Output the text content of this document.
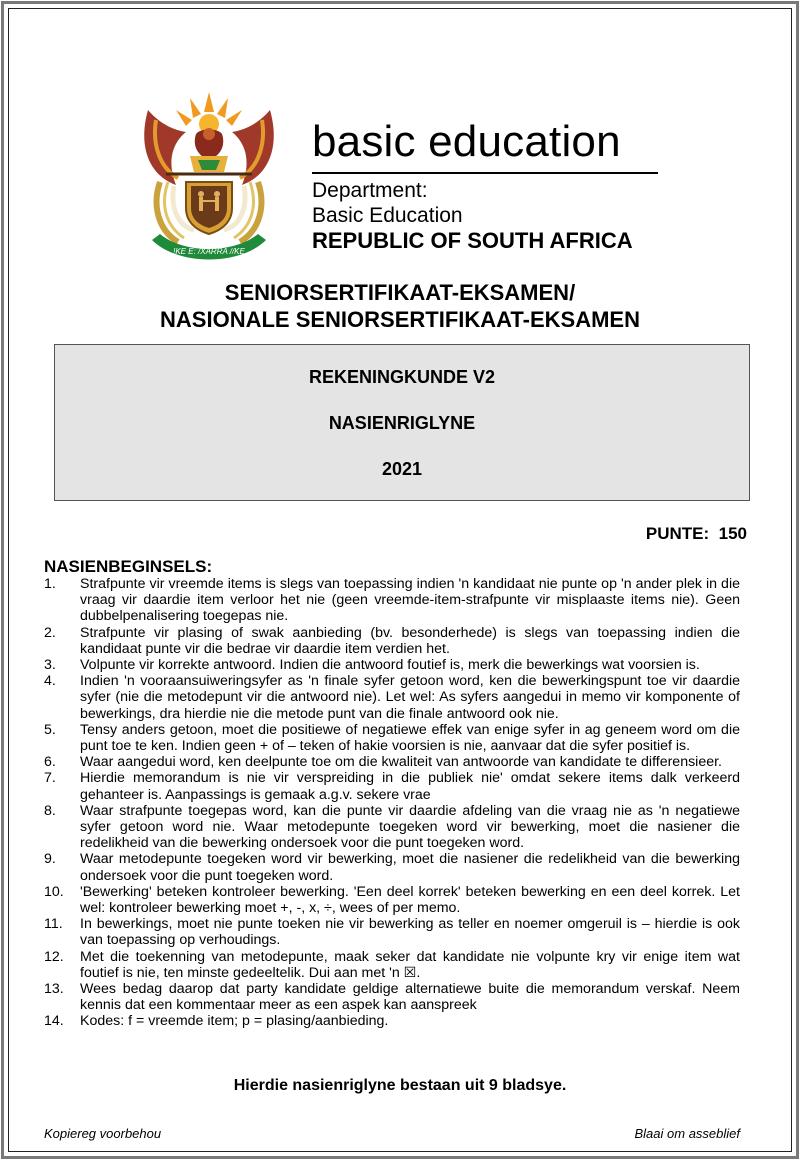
!KE E: /XARRA //KE
basic education
Department:
Basic Education
REPUBLIC OF SOUTH AFRICA
SENIORSERTIFIKAAT-EKSAMEN/
NASIONALE SENIORSERTIFIKAAT-EKSAMEN
REKENINGKUNDE V2
NASIENRIGLYNE
2021
PUNTE:  150
NASIENBEGINSELS:
1. Strafpunte vir vreemde items is slegs van toepassing indien 'n kandidaat nie punte op 'n ander plek in die vraag vir daardie item verloor het nie (geen vreemde-item-strafpunte vir misplaaste items nie). Geen dubbelpenalisering toegepas nie.
2. Strafpunte vir plasing of swak aanbieding (bv. besonderhede) is slegs van toepassing indien die kandidaat punte vir die bedrae vir daardie item verdien het.
3. Volpunte vir korrekte antwoord. Indien die antwoord foutief is, merk die bewerkings wat voorsien is.
4. Indien 'n vooraansuiweringsyfer as 'n finale syfer getoon word, ken die bewerkingspunt toe vir daardie syfer (nie die metodepunt vir die antwoord nie). Let wel: As syfers aangedui in memo vir komponente of bewerkings, dra hierdie nie die metode punt van die finale antwoord ook nie.
5. Tensy anders getoon, moet die positiewe of negatiewe effek van enige syfer in ag geneem word om die punt toe te ken. Indien geen + of – teken of hakie voorsien is nie, aanvaar dat die syfer positief is.
6. Waar aangedui word, ken deelpunte toe om die kwaliteit van antwoorde van kandidate te differensieer.
7. Hierdie memorandum is nie vir verspreiding in die publiek nie' omdat sekere items dalk verkeerd gehanteer is. Aanpassings is gemaak a.g.v. sekere vrae
8. Waar strafpunte toegepas word, kan die punte vir daardie afdeling van die vraag nie as 'n negatiewe syfer getoon word nie. Waar metodepunte toegeken word vir bewerking, moet die nasiener die redelikheid van die bewerking ondersoek voor die punt toegeken word.
9. Waar metodepunte toegeken word vir bewerking, moet die nasiener die redelikheid van die bewerking ondersoek voor die punt toegeken word.
10. 'Bewerking' beteken kontroleer bewerking. 'Een deel korrek' beteken bewerking en een deel korrek. Let wel: kontroleer bewerking moet +, -, x, ÷, wees of per memo.
11. In bewerkings, moet nie punte toeken nie vir bewerking as teller en noemer omgeruil is – hierdie is ook van toepassing op verhoudings.
12. Met die toekenning van metodepunte, maak seker dat kandidate nie volpunte kry vir enige item wat foutief is nie, ten minste gedeeltelik. Dui aan met 'n ☒.
13. Wees bedag daarop dat party kandidate geldige alternatiewe buite die memorandum verskaf. Neem kennis dat een kommentaar meer as een aspek kan aanspreek
14. Kodes: f = vreemde item; p = plasing/aanbieding.
Hierdie nasienriglyne bestaan uit 9 bladsye.
Kopiereg voorbehou	Blaai om asseblief
